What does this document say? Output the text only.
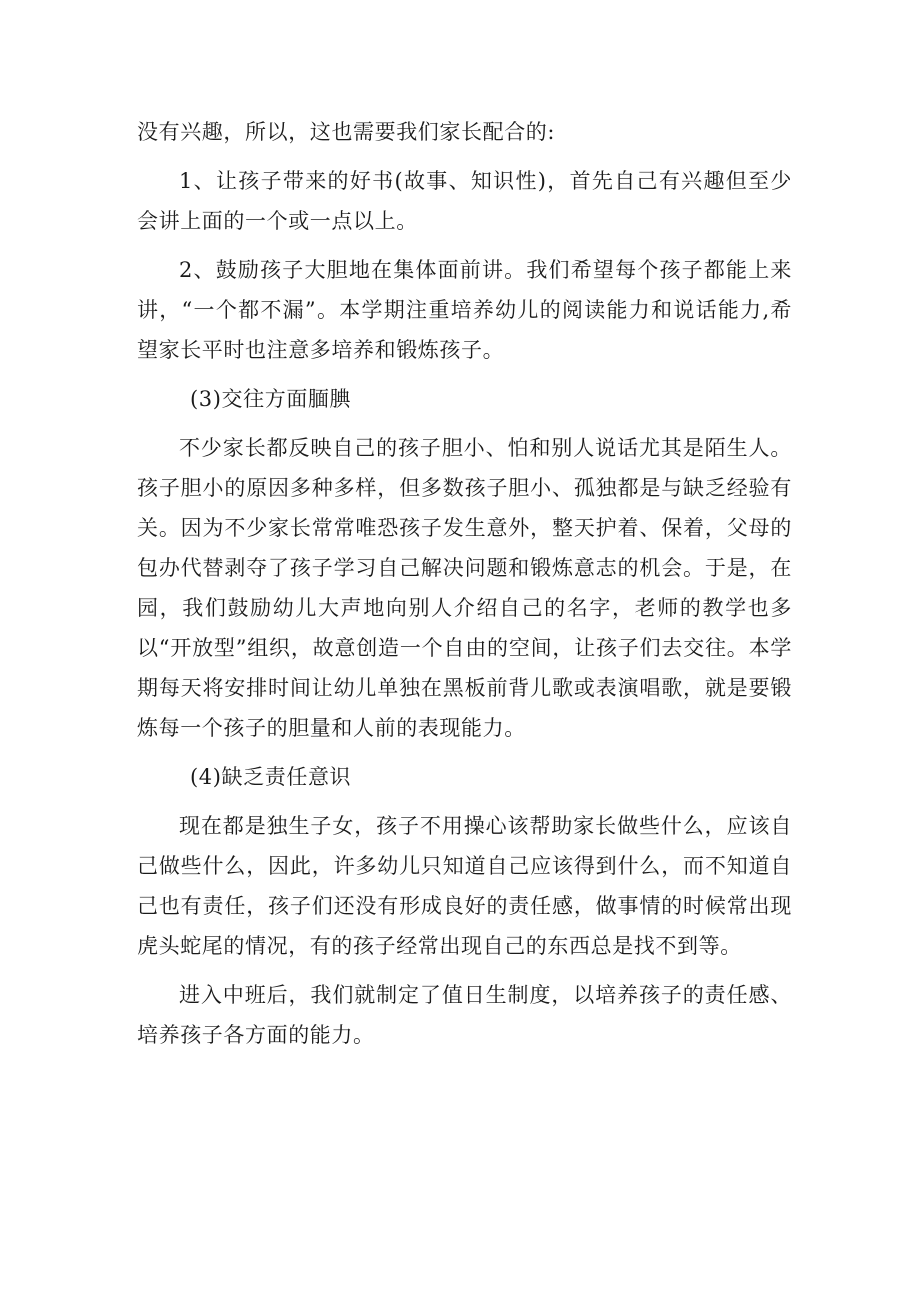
没有兴趣，所以，这也需要我们家长配合的:

1、让孩子带来的好书(故事、知识性)，首先自己有兴趣但至少会讲上面的一个或一点以上。

2、鼓励孩子大胆地在集体面前讲。我们希望每个孩子都能上来讲，“一个都不漏”。本学期注重培养幼儿的阅读能力和说话能力,希望家长平时也注意多培养和锻炼孩子。

(3)交往方面腼腆

不少家长都反映自己的孩子胆小、怕和别人说话尤其是陌生人。孩子胆小的原因多种多样，但多数孩子胆小、孤独都是与缺乏经验有关。因为不少家长常常唯恐孩子发生意外，整天护着、保着，父母的包办代替剥夺了孩子学习自己解决问题和锻炼意志的机会。于是，在园，我们鼓励幼儿大声地向别人介绍自己的名字，老师的教学也多以“开放型”组织，故意创造一个自由的空间，让孩子们去交往。本学期每天将安排时间让幼儿单独在黑板前背儿歌或表演唱歌，就是要锻炼每一个孩子的胆量和人前的表现能力。

(4)缺乏责任意识

现在都是独生子女，孩子不用操心该帮助家长做些什么，应该自己做些什么，因此，许多幼儿只知道自己应该得到什么，而不知道自己也有责任，孩子们还没有形成良好的责任感，做事情的时候常出现虎头蛇尾的情况，有的孩子经常出现自己的东西总是找不到等。

进入中班后，我们就制定了值日生制度，以培养孩子的责任感、培养孩子各方面的能力。
